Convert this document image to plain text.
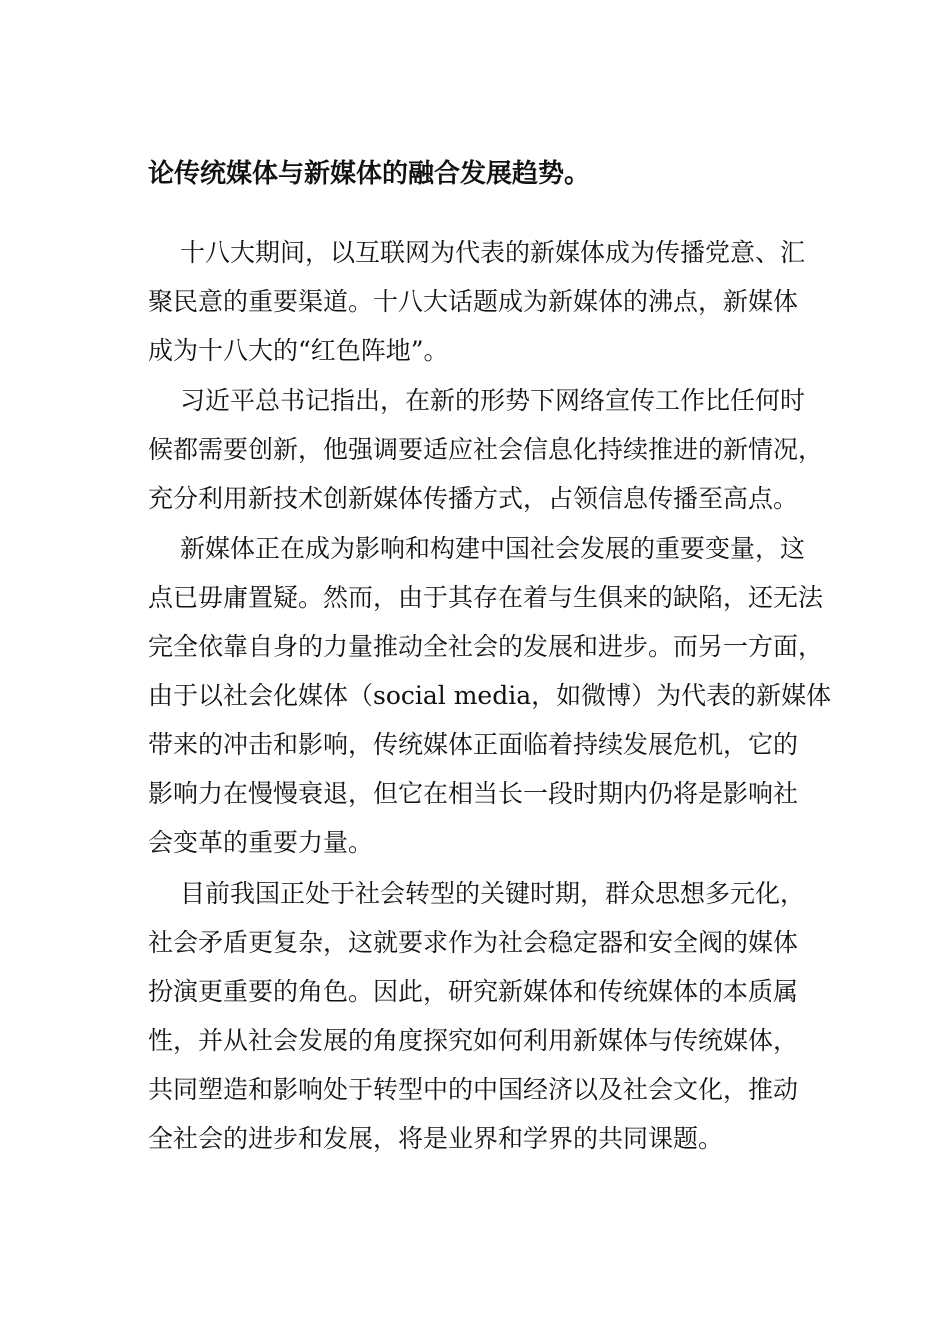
论传统媒体与新媒体的融合发展趋势。
十八大期间，以互联网为代表的新媒体成为传播党意、汇
聚民意的重要渠道。十八大话题成为新媒体的沸点，新媒体
成为十八大的“红色阵地”。
习近平总书记指出，在新的形势下网络宣传工作比任何时
候都需要创新，他强调要适应社会信息化持续推进的新情况，
充分利用新技术创新媒体传播方式，占领信息传播至高点。
新媒体正在成为影响和构建中国社会发展的重要变量，这
点已毋庸置疑。然而，由于其存在着与生俱来的缺陷，还无法
完全依靠自身的力量推动全社会的发展和进步。而另一方面，
由于以社会化媒体（social media，如微博）为代表的新媒体
带来的冲击和影响，传统媒体正面临着持续发展危机，它的
影响力在慢慢衰退，但它在相当长一段时期内仍将是影响社
会变革的重要力量。
目前我国正处于社会转型的关键时期，群众思想多元化，
社会矛盾更复杂，这就要求作为社会稳定器和安全阀的媒体
扮演更重要的角色。因此，研究新媒体和传统媒体的本质属
性，并从社会发展的角度探究如何利用新媒体与传统媒体，
共同塑造和影响处于转型中的中国经济以及社会文化，推动
全社会的进步和发展，将是业界和学界的共同课题。
